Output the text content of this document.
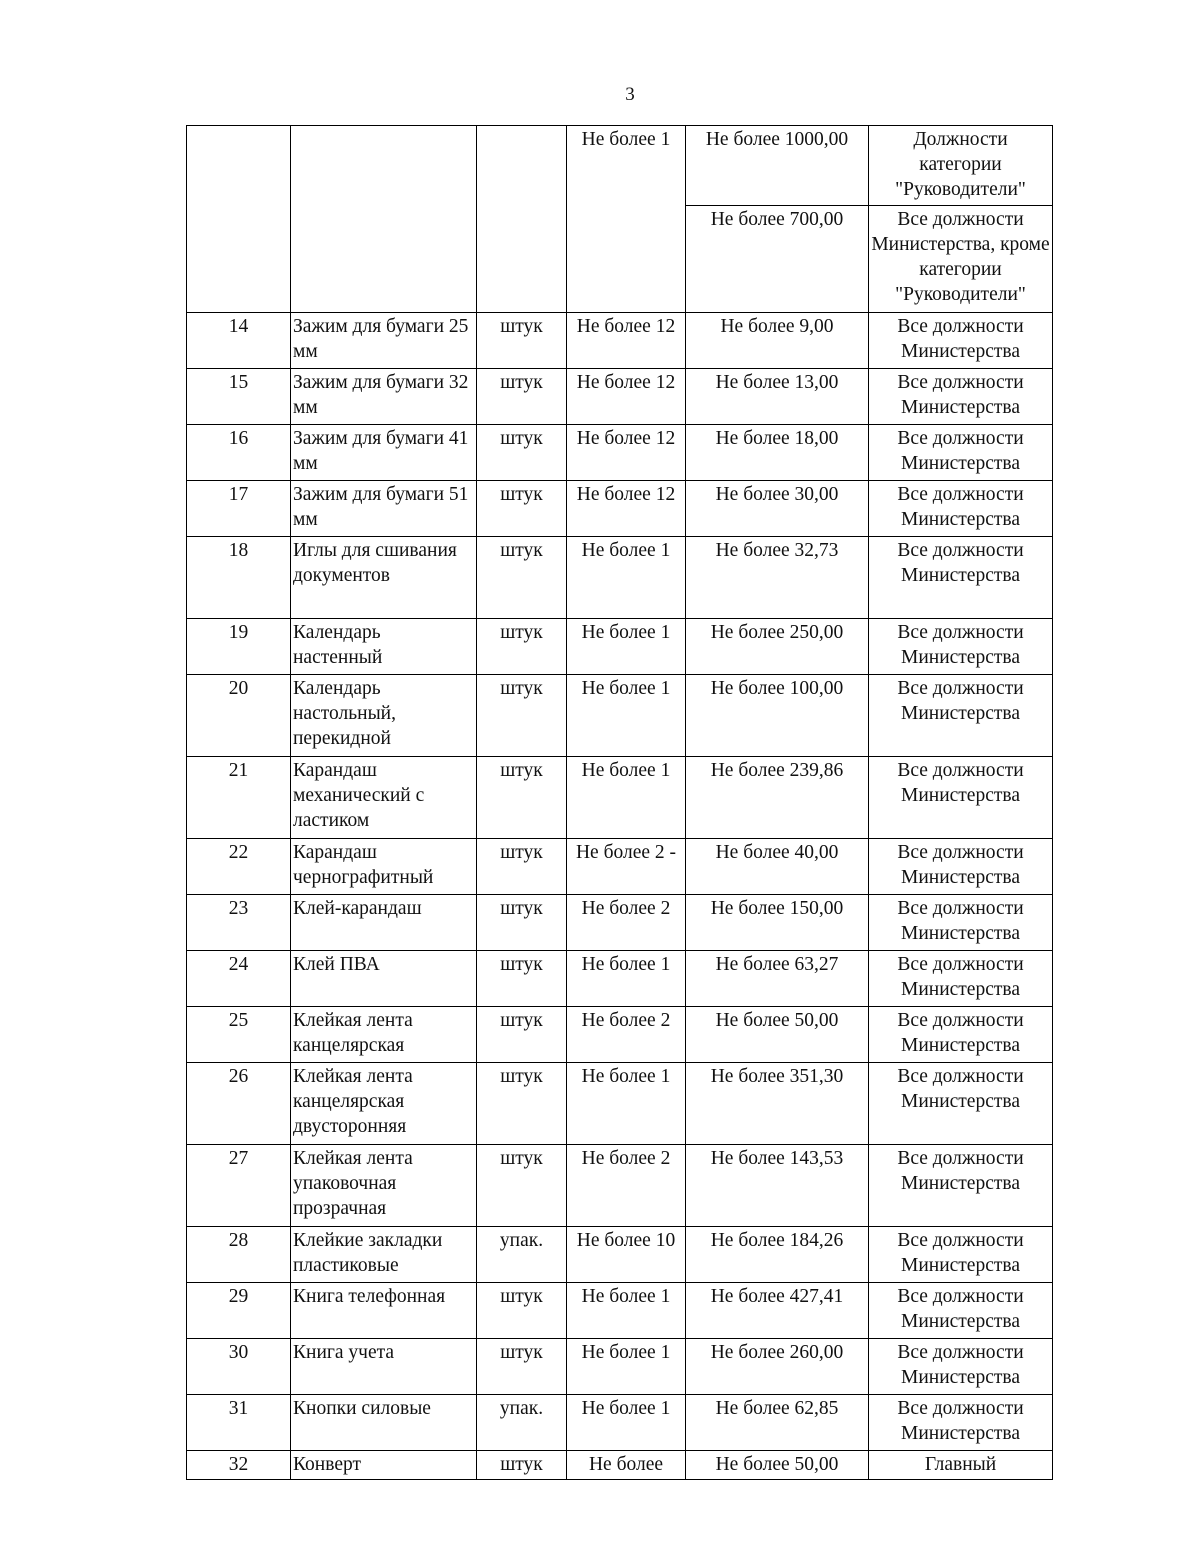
3
			Не более 1	Не более 1000,00	Должности категории "Руководители"
				Не более 700,00	Все должности Министерства, кроме категории "Руководители"
14	Зажим для бумаги 25 мм	штук	Не более 12	Не более 9,00	Все должности Министерства
15	Зажим для бумаги 32 мм	штук	Не более 12	Не более 13,00	Все должности Министерства
16	Зажим для бумаги 41 мм	штук	Не более 12	Не более 18,00	Все должности Министерства
17	Зажим для бумаги 51 мм	штук	Не более 12	Не более 30,00	Все должности Министерства
18	Иглы для сшивания документов	штук	Не более 1	Не более 32,73	Все должности Министерства
19	Календарь настенный	штук	Не более 1	Не более 250,00	Все должности Министерства
20	Календарь настольный, перекидной	штук	Не более 1	Не более 100,00	Все должности Министерства
21	Карандаш механический с ластиком	штук	Не более 1	Не более 239,86	Все должности Министерства
22	Карандаш чернографитный	штук	Не более 2 -	Не более 40,00	Все должности Министерства
23	Клей-карандаш	штук	Не более 2	Не более 150,00	Все должности Министерства
24	Клей ПВА	штук	Не более 1	Не более 63,27	Все должности Министерства
25	Клейкая лента канцелярская	штук	Не более 2	Не более 50,00	Все должности Министерства
26	Клейкая лента канцелярская двусторонняя	штук	Не более 1	Не более 351,30	Все должности Министерства
27	Клейкая лента упаковочная прозрачная	штук	Не более 2	Не более 143,53	Все должности Министерства
28	Клейкие закладки пластиковые	упак.	Не более 10	Не более 184,26	Все должности Министерства
29	Книга телефонная	штук	Не более 1	Не более 427,41	Все должности Министерства
30	Книга учета	штук	Не более 1	Не более 260,00	Все должности Министерства
31	Кнопки силовые	упак.	Не более 1	Не более 62,85	Все должности Министерства
32	Конверт	штук	Не более	Не более 50,00	Главный
